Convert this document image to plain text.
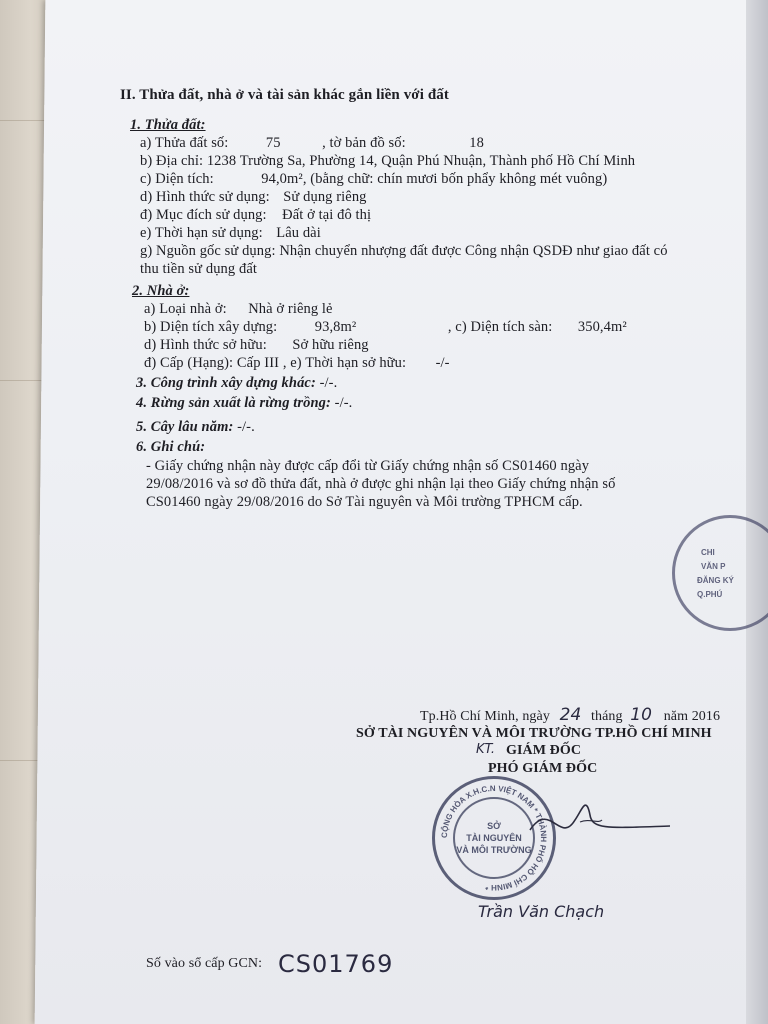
II. Thửa đất, nhà ở và tài sản khác gắn liền với đất
1. Thửa đất:
a) Thửa đất số:	75	, tờ bản đồ số:	18
b) Địa chỉ: 1238 Trường Sa, Phường 14, Quận Phú Nhuận, Thành phố Hồ Chí Minh
c) Diện tích:	94,0m², (bằng chữ: chín mươi bốn phẩy không mét vuông)
d) Hình thức sử dụng: Sử dụng riêng
đ) Mục đích sử dụng: Đất ở tại đô thị
e) Thời hạn sử dụng: Lâu dài
g) Nguồn gốc sử dụng: Nhận chuyển nhượng đất được Công nhận QSDĐ như giao đất có
thu tiền sử dụng đất
2. Nhà ở:
a) Loại nhà ở: Nhà ở riêng lẻ
b) Diện tích xây dựng:	93,8m²	, c) Diện tích sàn: 350,4m²
d) Hình thức sở hữu: Sở hữu riêng
đ) Cấp (Hạng): Cấp III , e) Thời hạn sở hữu: -/-
3. Công trình xây dựng khác: -/-.
4. Rừng sản xuất là rừng trồng: -/-.
5. Cây lâu năm: -/-.
6. Ghi chú:
- Giấy chứng nhận này được cấp đổi từ Giấy chứng nhận số CS01460 ngày
29/08/2016 và sơ đồ thửa đất, nhà ở được ghi nhận lại theo Giấy chứng nhận số
CS01460 ngày 29/08/2016 do Sở Tài nguyên và Môi trường TPHCM cấp.
CHI
VĂN P
ĐĂNG KÝ
Q.PHÚ
Tp.Hồ Chí Minh, ngày 24 tháng 10 năm 2016
SỞ TÀI NGUYÊN VÀ MÔI TRƯỜNG TP.HỒ CHÍ MINH
KT. GIÁM ĐỐC
PHÓ GIÁM ĐỐC
CỘNG HÒA X.H.C.N VIỆT NAM * THÀNH PHỐ HỒ CHÍ MINH *
SỞ
TÀI NGUYÊN
VÀ MÔI TRƯỜNG
Trần Văn Chạch
Số vào sổ cấp GCN: CS01769
